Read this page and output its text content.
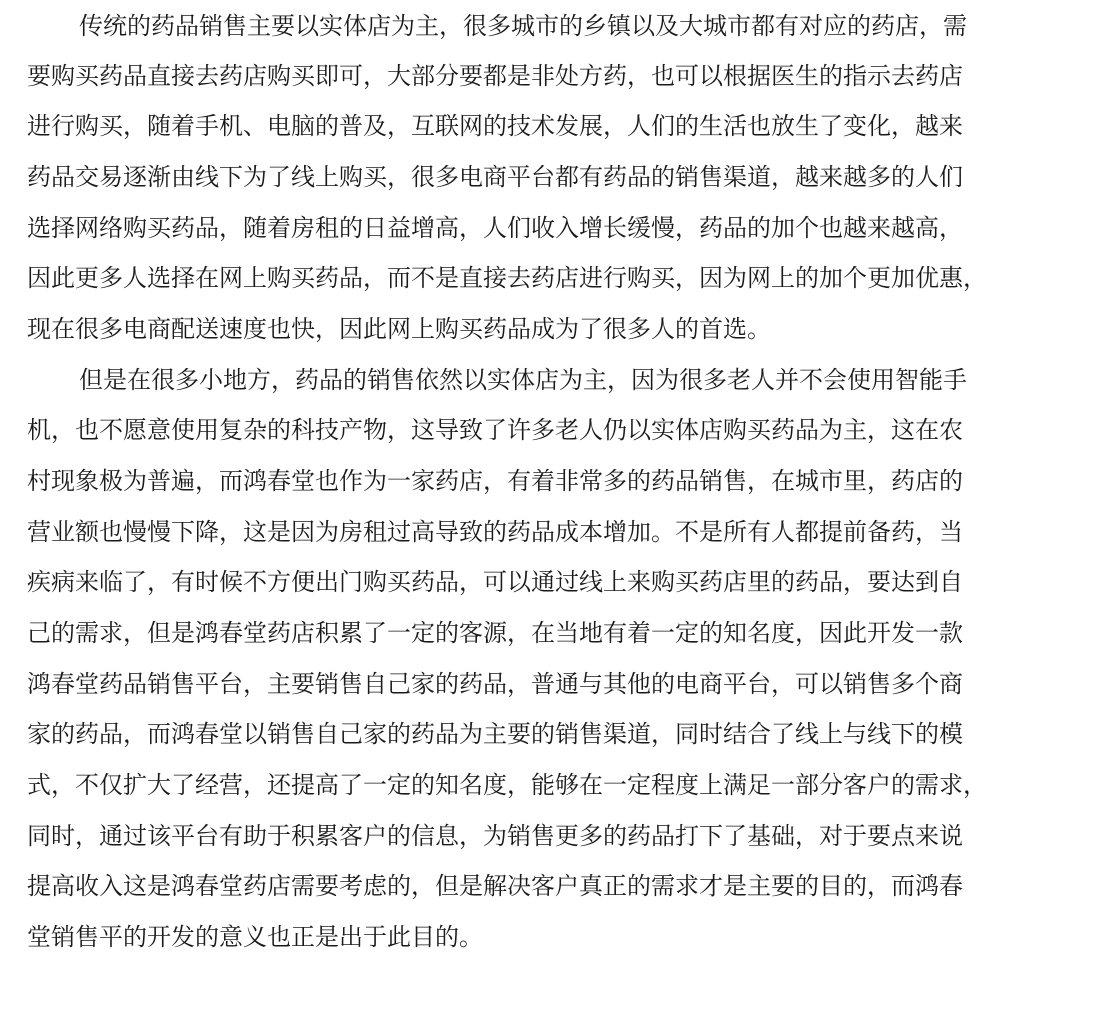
传统的药品销售主要以实体店为主，很多城市的乡镇以及大城市都有对应的药店，需

要购买药品直接去药店购买即可，大部分要都是非处方药，也可以根据医生的指示去药店

进行购买，随着手机、电脑的普及，互联网的技术发展，人们的生活也放生了变化，越来

药品交易逐渐由线下为了线上购买，很多电商平台都有药品的销售渠道，越来越多的人们

选择网络购买药品，随着房租的日益增高，人们收入增长缓慢，药品的加个也越来越高，

因此更多人选择在网上购买药品，而不是直接去药店进行购买，因为网上的加个更加优惠，

现在很多电商配送速度也快，因此网上购买药品成为了很多人的首选。

但是在很多小地方，药品的销售依然以实体店为主，因为很多老人并不会使用智能手

机，也不愿意使用复杂的科技产物，这导致了许多老人仍以实体店购买药品为主，这在农

村现象极为普遍，而鸿春堂也作为一家药店，有着非常多的药品销售，在城市里，药店的

营业额也慢慢下降，这是因为房租过高导致的药品成本增加。不是所有人都提前备药，当

疾病来临了，有时候不方便出门购买药品，可以通过线上来购买药店里的药品，要达到自

己的需求，但是鸿春堂药店积累了一定的客源，在当地有着一定的知名度，因此开发一款

鸿春堂药品销售平台，主要销售自己家的药品，普通与其他的电商平台，可以销售多个商

家的药品，而鸿春堂以销售自己家的药品为主要的销售渠道，同时结合了线上与线下的模

式，不仅扩大了经营，还提高了一定的知名度，能够在一定程度上满足一部分客户的需求，

同时，通过该平台有助于积累客户的信息，为销售更多的药品打下了基础，对于要点来说

提高收入这是鸿春堂药店需要考虑的，但是解决客户真正的需求才是主要的目的，而鸿春

堂销售平的开发的意义也正是出于此目的。
